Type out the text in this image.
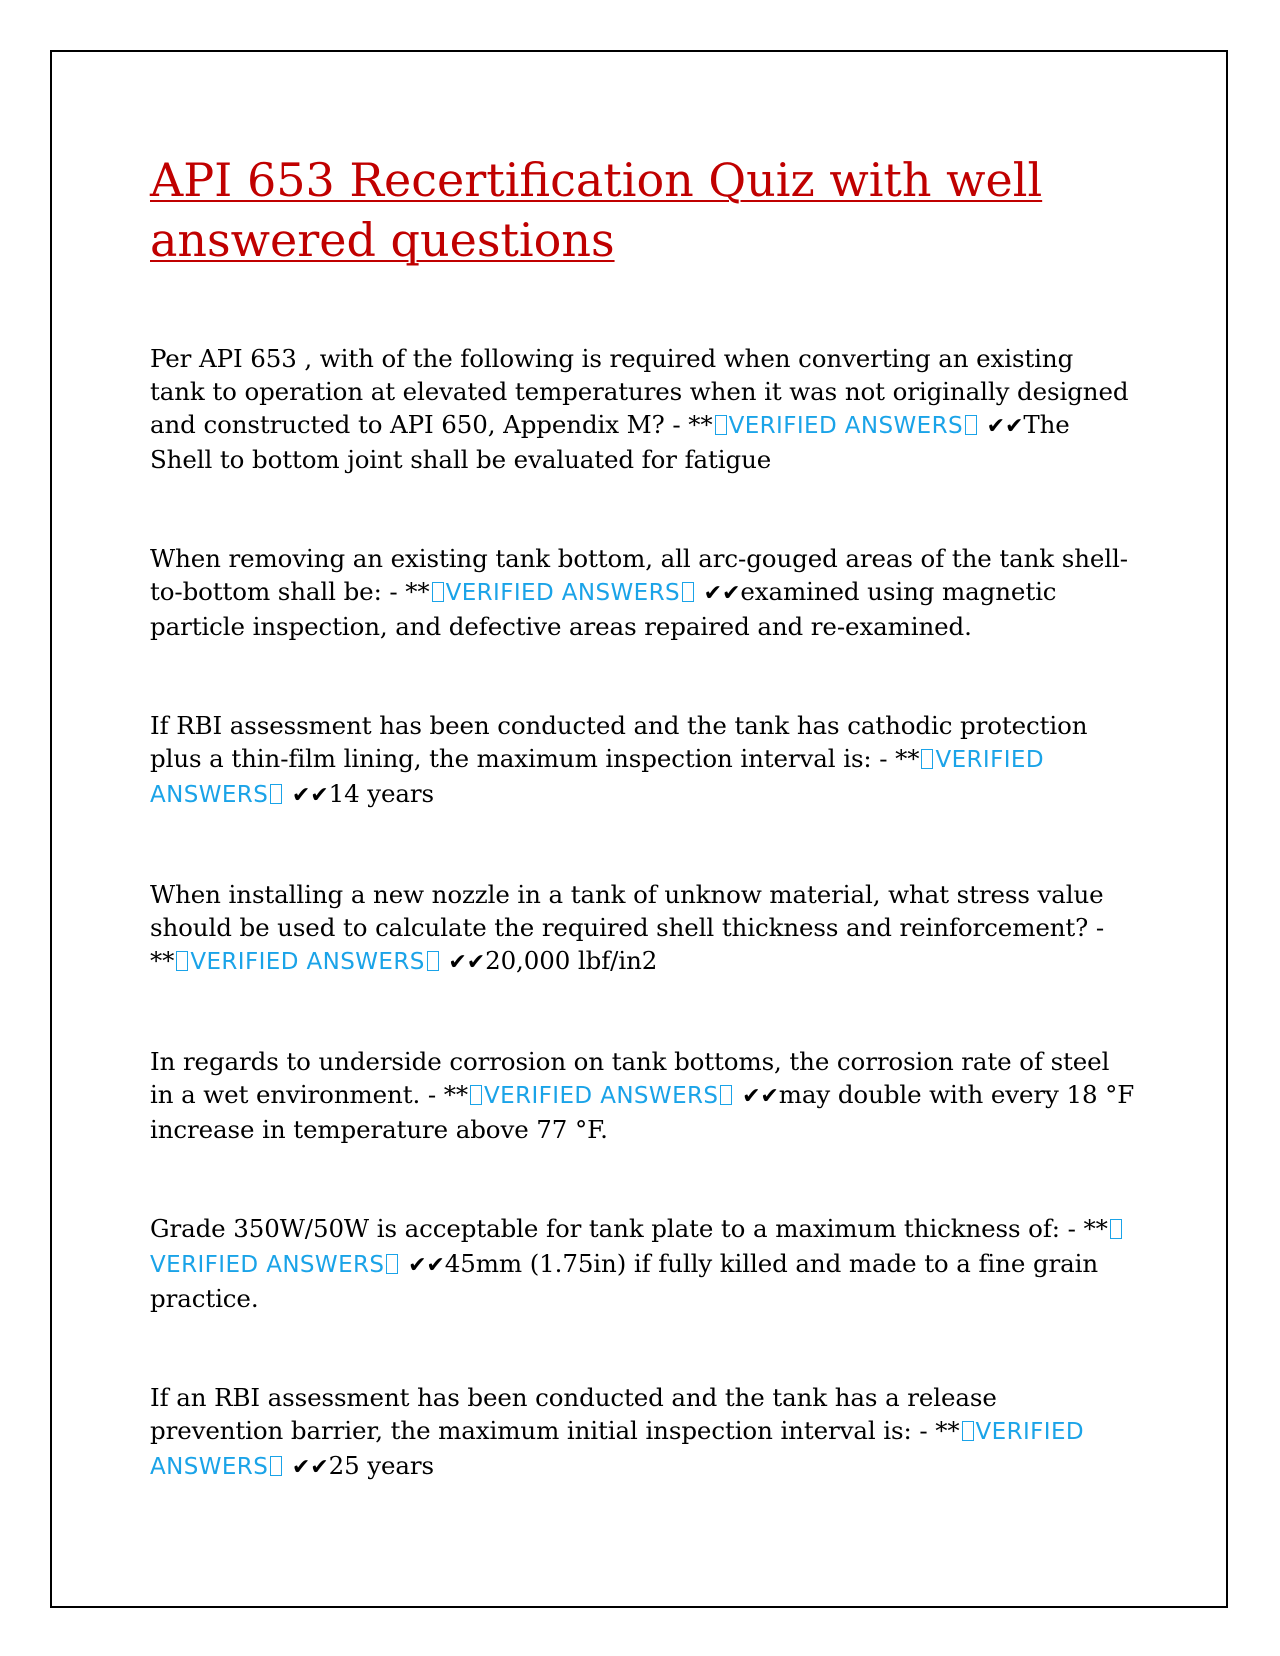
API 653 Recertification Quiz with well answered questions

Per API 653 , with of the following is required when converting an existing tank to operation at elevated temperatures when it was not originally designed and constructed to API 650, Appendix M? - ** VERIFIED ANSWERS ✔✔The Shell to bottom joint shall be evaluated for fatigue

When removing an existing tank bottom, all arc-gouged areas of the tank shell-to-bottom shall be: - ** VERIFIED ANSWERS ✔✔examined using magnetic particle inspection, and defective areas repaired and re-examined.

If RBI assessment has been conducted and the tank has cathodic protection plus a thin-film lining, the maximum inspection interval is: - ** VERIFIED ANSWERS ✔✔14 years

When installing a new nozzle in a tank of unknow material, what stress value should be used to calculate the required shell thickness and reinforcement? - ** VERIFIED ANSWERS ✔✔20,000 lbf/in2

In regards to underside corrosion on tank bottoms, the corrosion rate of steel in a wet environment. - ** VERIFIED ANSWERS ✔✔may double with every 18 °F increase in temperature above 77 °F.

Grade 350W/50W is acceptable for tank plate to a maximum thickness of: - **VERIFIED ANSWERS ✔✔45mm (1.75in) if fully killed and made to a fine grain practice.

If an RBI assessment has been conducted and the tank has a release prevention barrier, the maximum initial inspection interval is: - ** VERIFIED ANSWERS ✔✔25 years
